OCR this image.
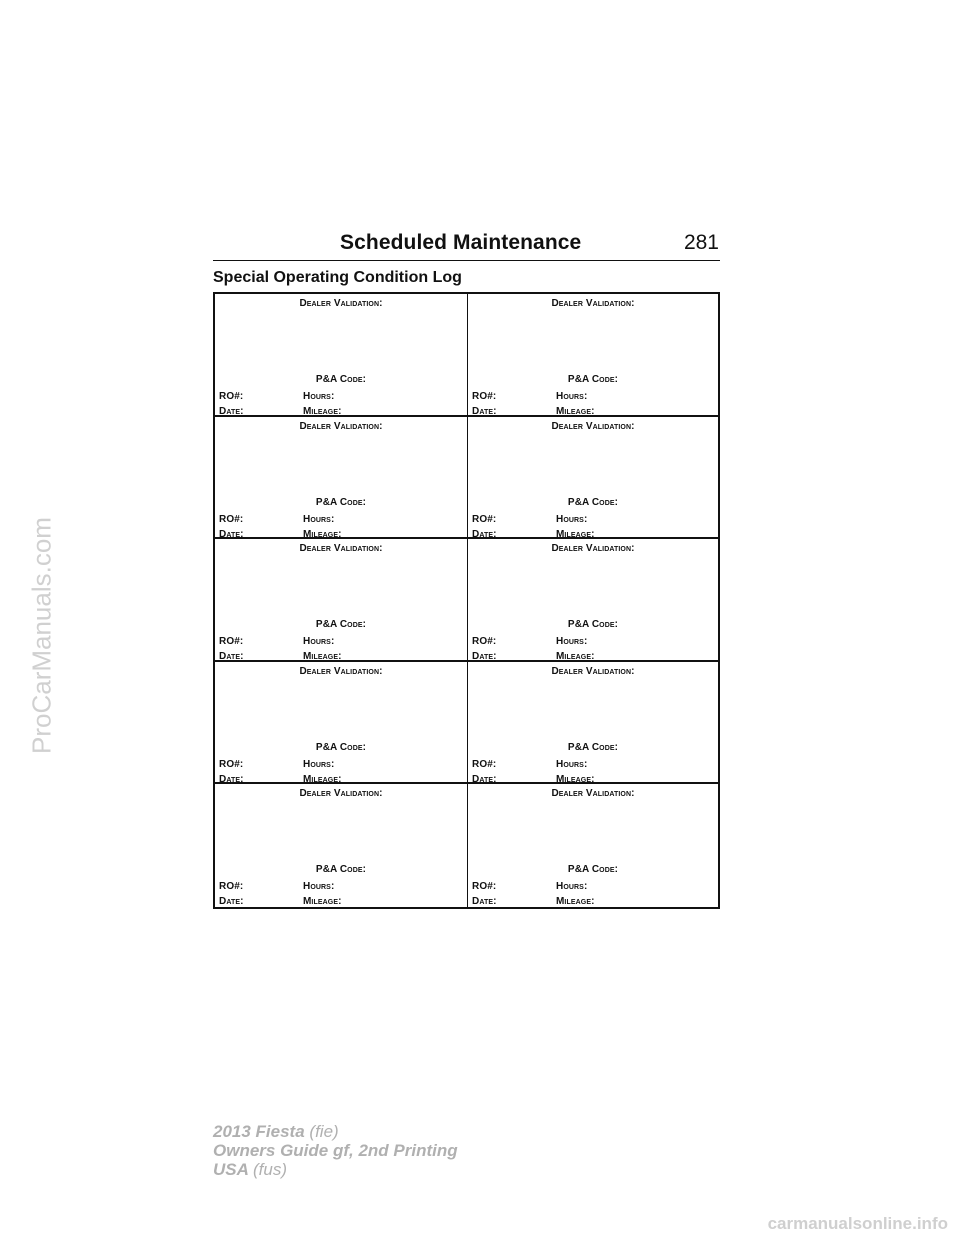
Scheduled Maintenance	281
Special Operating Condition Log
Dealer Validation:
P&A Code:
RO#:	Hours:
Date:	Mileage:
Dealer Validation:
P&A Code:
RO#:	Hours:
Date:	Mileage:
Dealer Validation:
P&A Code:
RO#:	Hours:
Date:	Mileage:
Dealer Validation:
P&A Code:
RO#:	Hours:
Date:	Mileage:
Dealer Validation:
P&A Code:
RO#:	Hours:
Date:	Mileage:
Dealer Validation:
P&A Code:
RO#:	Hours:
Date:	Mileage:
Dealer Validation:
P&A Code:
RO#:	Hours:
Date:	Mileage:
Dealer Validation:
P&A Code:
RO#:	Hours:
Date:	Mileage:
Dealer Validation:
P&A Code:
RO#:	Hours:
Date:	Mileage:
Dealer Validation:
P&A Code:
RO#:	Hours:
Date:	Mileage:
ProCarManuals.com
2013 Fiesta (fie)
Owners Guide gf, 2nd Printing
USA (fus)
carmanualsonline.info
